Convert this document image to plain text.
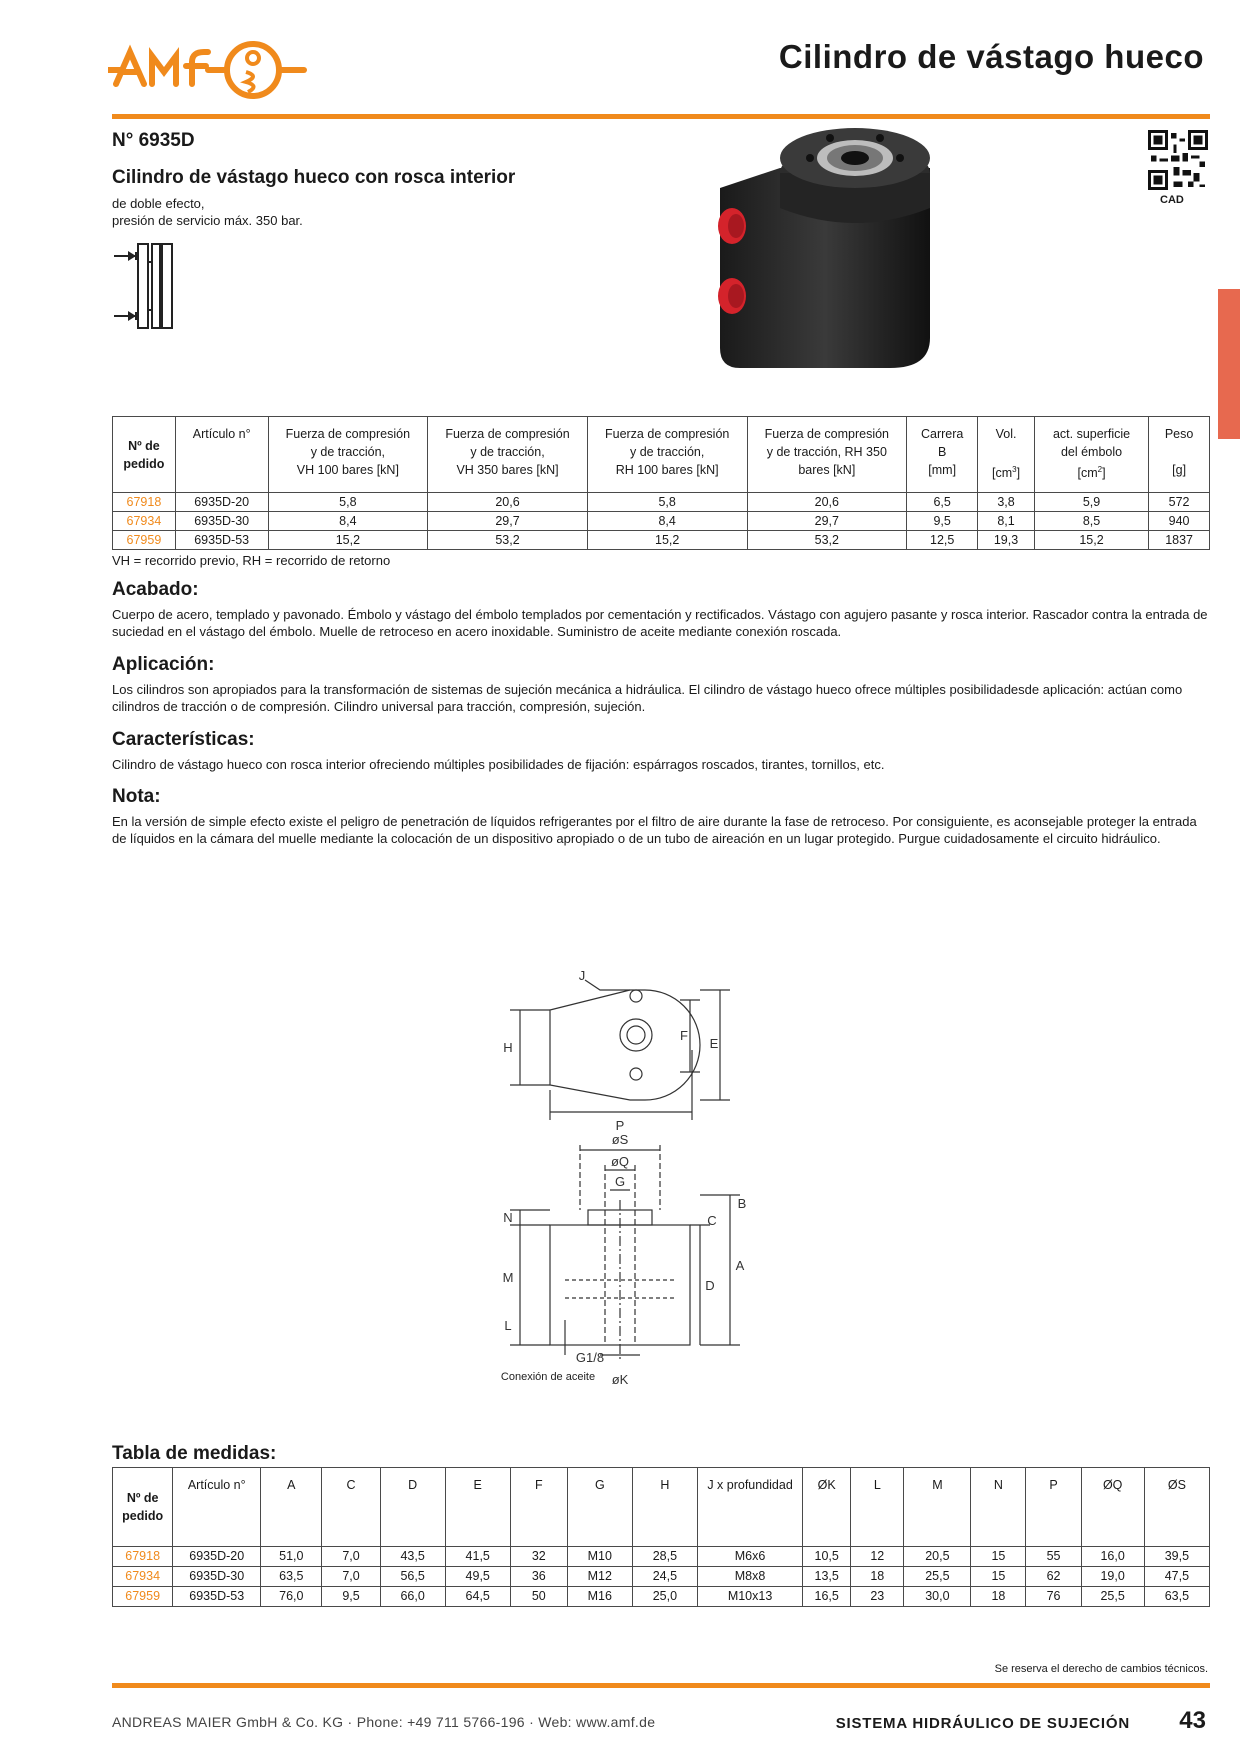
Cilindro de vástago hueco
N° 6935D
Cilindro de vástago hueco con rosca interior
de doble efecto,
presión de servicio máx. 350 bar.
CAD
Nº de
pedido	Artículo n°	Fuerza de compresión
y de tracción,
VH 100 bares [kN]	Fuerza de compresión
y de tracción,
VH 350 bares [kN]	Fuerza de compresión
y de tracción,
RH 100 bares [kN]	Fuerza de compresión
y de tracción, RH 350
bares [kN]	Carrera
B
[mm]	Vol.

$[cm^3]$	act. superficie
del émbolo
$[cm^2]$	Peso

[g]
67918	6935D-20	5,8	20,6	5,8	20,6	6,5	3,8	5,9	572
67934	6935D-30	8,4	29,7	8,4	29,7	9,5	8,1	8,5	940
67959	6935D-53	15,2	53,2	15,2	53,2	12,5	19,3	15,2	1837
VH = recorrido previo, RH = recorrido de retorno
Acabado:

Cuerpo de acero, templado y pavonado. Émbolo y vástago del émbolo templados por cementación y rectificados. Vástago con agujero pasante y rosca interior. Rascador contra la entrada de suciedad en el vástago del émbolo. Muelle de retroceso en acero inoxidable. Suministro de aceite mediante conexión roscada.

Aplicación:

Los cilindros son apropiados para la transformación de sistemas de sujeción mecánica a hidráulica. El cilindro de vástago hueco ofrece múltiples posibilidadesde aplicación: actúan como cilindros de tracción o de compresión. Cilindro universal para tracción, compresión, sujeción.

Características:

Cilindro de vástago hueco con rosca interior ofreciendo múltiples posibilidades de fijación: espárragos roscados, tirantes, tornillos, etc.

Nota:

En la versión de simple efecto existe el peligro de penetración de líquidos refrigerantes por el filtro de aire durante la fase de retroceso. Por consiguiente, es aconsejable proteger la entrada de líquidos en la cámara del muelle mediante la colocación de un dispositivo apropiado o de un tubo de aireación en un lugar protegido. Purgue cuidadosamente el circuito hidráulico.

J
H
F
E
P
øS
øQ
G
B
C
N
M
L
D
A
G1/8
øK
Conexión de aceite
Tabla de medidas:
Nº de
pedido	Artículo n°	A	C	D	E	F	G	H	J x profundidad	ØK	L	M	N	P	ØQ	ØS
67918	6935D-20	51,0	7,0	43,5	41,5	32	M10	28,5	M6x6	10,5	12	20,5	15	55	16,0	39,5
67934	6935D-30	63,5	7,0	56,5	49,5	36	M12	24,5	M8x8	13,5	18	25,5	15	62	19,0	47,5
67959	6935D-53	76,0	9,5	66,0	64,5	50	M16	25,0	M10x13	16,5	23	30,0	18	76	25,5	63,5
Se reserva el derecho de cambios técnicos.
ANDREAS MAIER GmbH & Co. KG · Phone: +49 711 5766-196 · Web: www.amf.de	SISTEMA HIDRÁULICO DE SUJECIÓN 43
